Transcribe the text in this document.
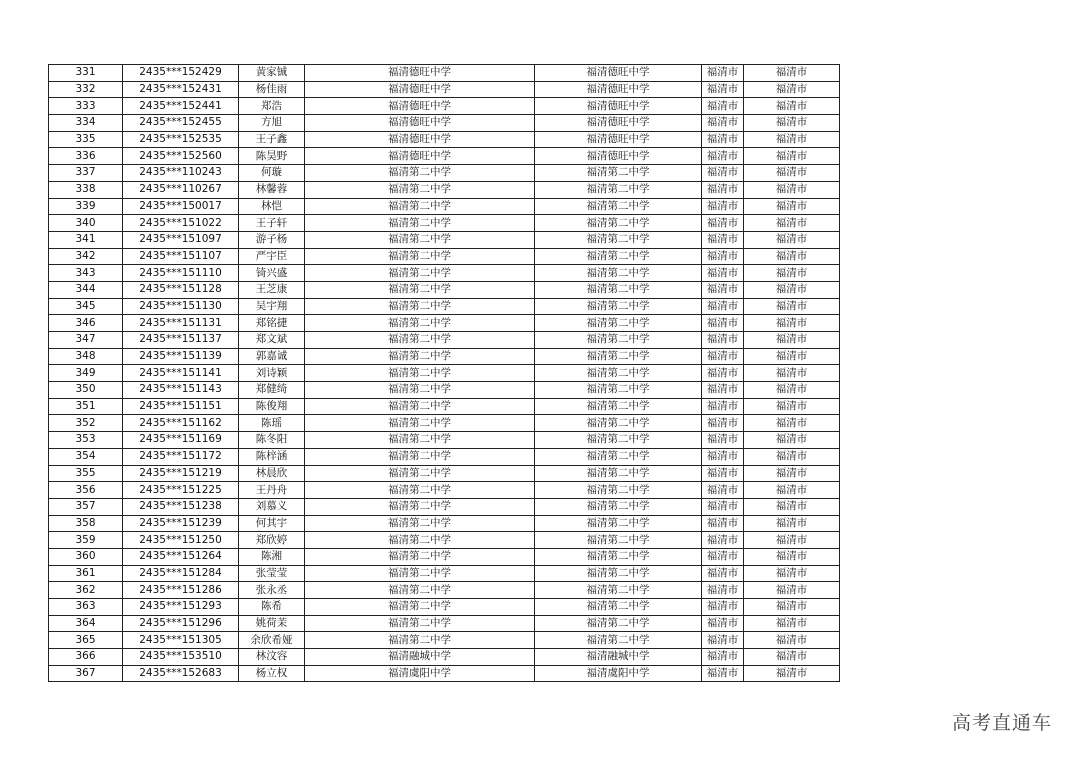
331	2435***152429	黄家铖	福清德旺中学	福清德旺中学	福清市	福清市
332	2435***152431	杨佳雨	福清德旺中学	福清德旺中学	福清市	福清市
333	2435***152441	郑浩	福清德旺中学	福清德旺中学	福清市	福清市
334	2435***152455	方旭	福清德旺中学	福清德旺中学	福清市	福清市
335	2435***152535	王子鑫	福清德旺中学	福清德旺中学	福清市	福清市
336	2435***152560	陈昊野	福清德旺中学	福清德旺中学	福清市	福清市
337	2435***110243	何璇	福清第二中学	福清第二中学	福清市	福清市
338	2435***110267	林馨蓉	福清第二中学	福清第二中学	福清市	福清市
339	2435***150017	林恺	福清第二中学	福清第二中学	福清市	福清市
340	2435***151022	王子轩	福清第二中学	福清第二中学	福清市	福清市
341	2435***151097	游子杨	福清第二中学	福清第二中学	福清市	福清市
342	2435***151107	严宇臣	福清第二中学	福清第二中学	福清市	福清市
343	2435***151110	锜兴盛	福清第二中学	福清第二中学	福清市	福清市
344	2435***151128	王芝康	福清第二中学	福清第二中学	福清市	福清市
345	2435***151130	吴宇翔	福清第二中学	福清第二中学	福清市	福清市
346	2435***151131	郑铭捷	福清第二中学	福清第二中学	福清市	福清市
347	2435***151137	郑文斌	福清第二中学	福清第二中学	福清市	福清市
348	2435***151139	郭嘉诚	福清第二中学	福清第二中学	福清市	福清市
349	2435***151141	刘诗颖	福清第二中学	福清第二中学	福清市	福清市
350	2435***151143	郑健绮	福清第二中学	福清第二中学	福清市	福清市
351	2435***151151	陈俊翔	福清第二中学	福清第二中学	福清市	福清市
352	2435***151162	陈瑶	福清第二中学	福清第二中学	福清市	福清市
353	2435***151169	陈冬阳	福清第二中学	福清第二中学	福清市	福清市
354	2435***151172	陈梓涵	福清第二中学	福清第二中学	福清市	福清市
355	2435***151219	林晨欣	福清第二中学	福清第二中学	福清市	福清市
356	2435***151225	王丹舟	福清第二中学	福清第二中学	福清市	福清市
357	2435***151238	刘慕义	福清第二中学	福清第二中学	福清市	福清市
358	2435***151239	何其宇	福清第二中学	福清第二中学	福清市	福清市
359	2435***151250	郑欣婷	福清第二中学	福清第二中学	福清市	福清市
360	2435***151264	陈湘	福清第二中学	福清第二中学	福清市	福清市
361	2435***151284	张莹莹	福清第二中学	福清第二中学	福清市	福清市
362	2435***151286	张永丞	福清第二中学	福清第二中学	福清市	福清市
363	2435***151293	陈希	福清第二中学	福清第二中学	福清市	福清市
364	2435***151296	姚荷茉	福清第二中学	福清第二中学	福清市	福清市
365	2435***151305	余欣希娅	福清第二中学	福清第二中学	福清市	福清市
366	2435***153510	林汶容	福清融城中学	福清融城中学	福清市	福清市
367	2435***152683	杨立权	福清虞阳中学	福清虞阳中学	福清市	福清市
高考直通车
